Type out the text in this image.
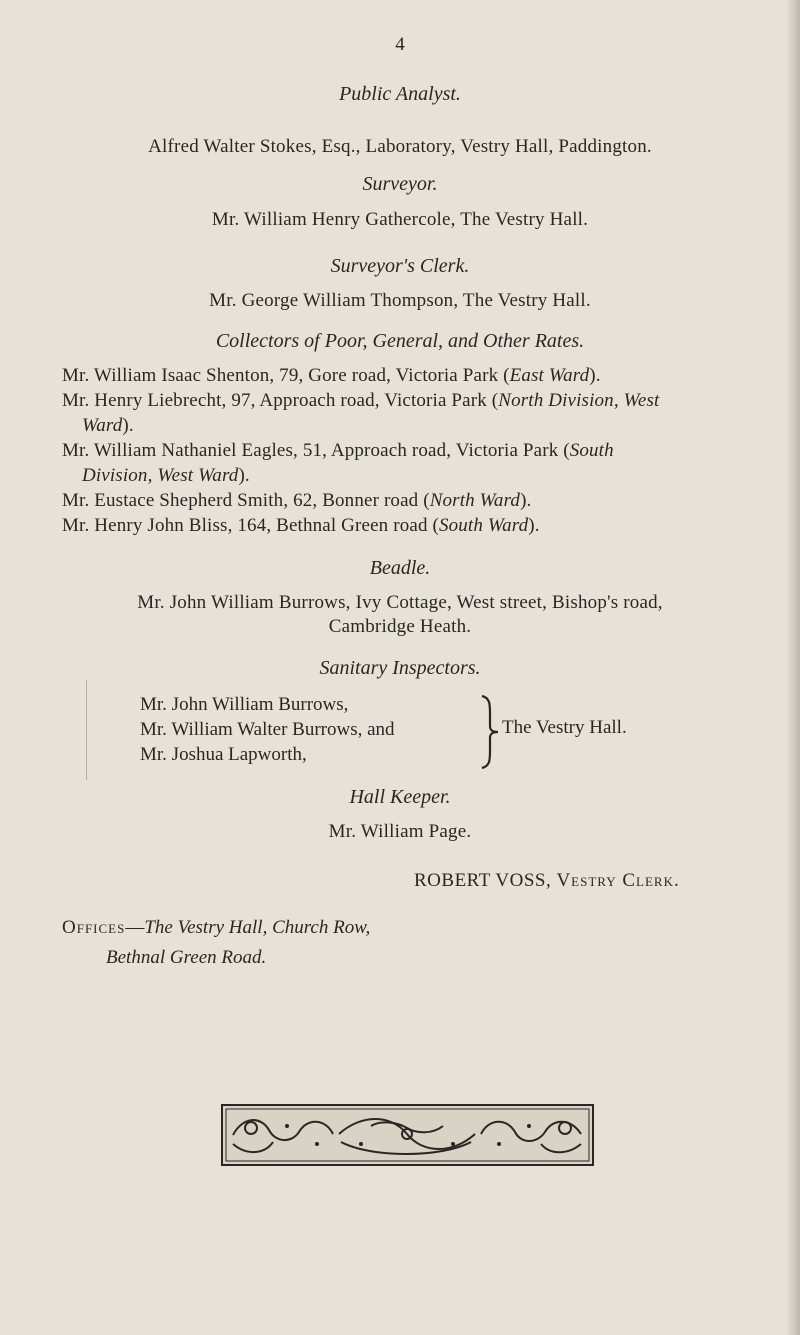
4
Public Analyst.
Alfred Walter Stokes, Esq., Laboratory, Vestry Hall, Paddington.
Surveyor.
Mr. William Henry Gathercole, The Vestry Hall.
Surveyor's Clerk.
Mr. George William Thompson, The Vestry Hall.
Collectors of Poor, General, and Other Rates.
Mr. William Isaac Shenton, 79, Gore road, Victoria Park (East Ward).
Mr. Henry Liebrecht, 97, Approach road, Victoria Park (North Division, West
Ward).
Mr. William Nathaniel Eagles, 51, Approach road, Victoria Park (South
Division, West Ward).
Mr. Eustace Shepherd Smith, 62, Bonner road (North Ward).
Mr. Henry John Bliss, 164, Bethnal Green road (South Ward).
Beadle.
Mr. John William Burrows, Ivy Cottage, West street, Bishop's road,
Cambridge Heath.
Sanitary Inspectors.
Mr. John William Burrows,
Mr. William Walter Burrows, and
Mr. Joshua Lapworth,
The Vestry Hall.
Hall Keeper.
Mr. William Page.
ROBERT VOSS, Vestry Clerk.
Offices—The Vestry Hall, Church Row,
Bethnal Green Road.
